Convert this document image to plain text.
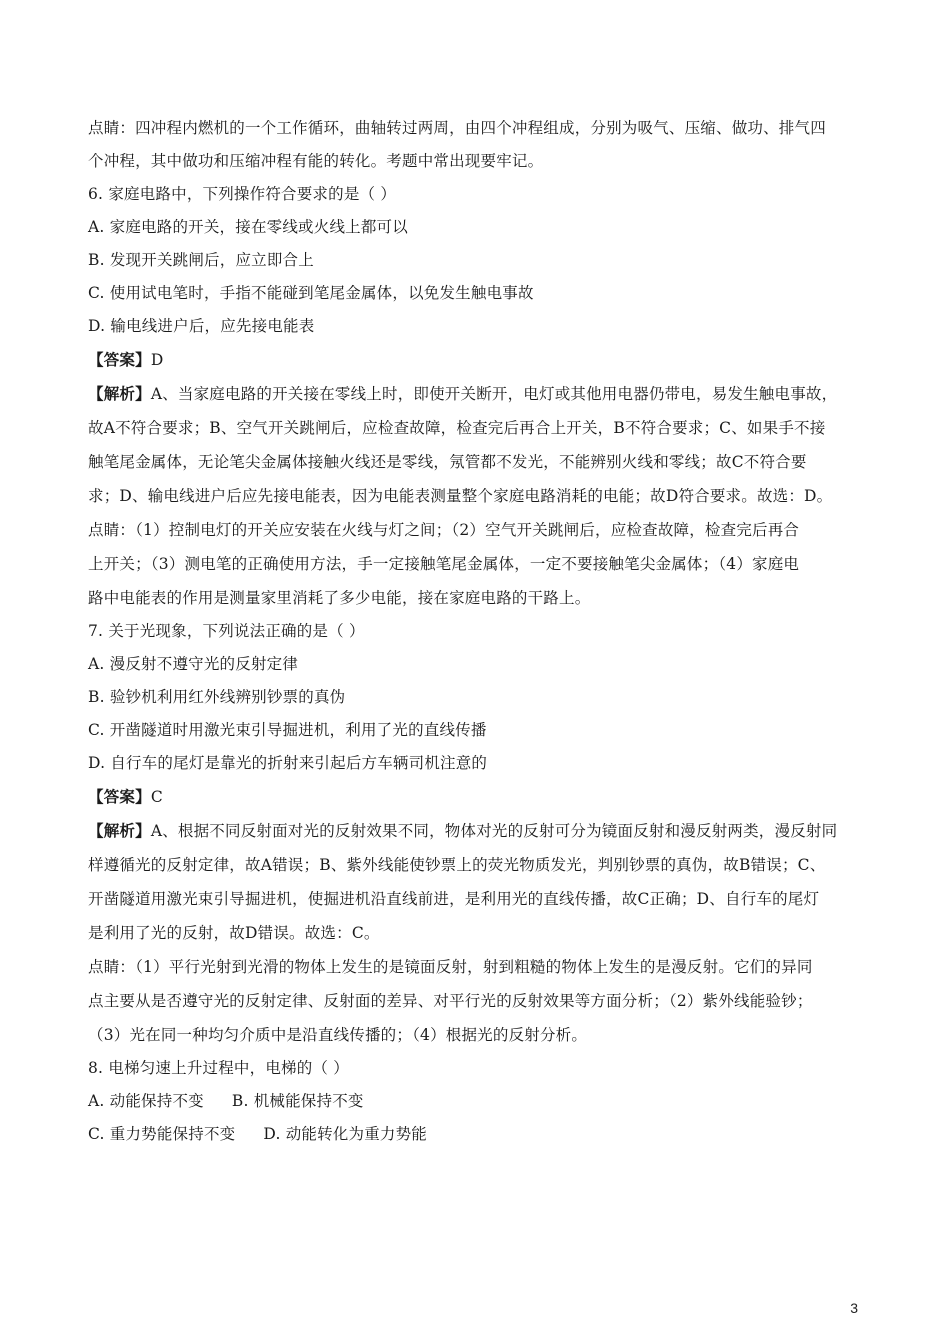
点睛：四冲程内燃机的一个工作循环，曲轴转过两周，由四个冲程组成，分别为吸气、压缩、做功、排气四
个冲程，其中做功和压缩冲程有能的转化。考题中常出现要牢记。
6. 家庭电路中，下列操作符合要求的是（ ）
A. 家庭电路的开关，接在零线或火线上都可以
B. 发现开关跳闸后，应立即合上
C. 使用试电笔时，手指不能碰到笔尾金属体，以免发生触电事故
D. 输电线进户后，应先接电能表
【答案】D
【解析】A、当家庭电路的开关接在零线上时，即使开关断开，电灯或其他用电器仍带电，易发生触电事故，
故A不符合要求；B、空气开关跳闸后，应检查故障，检查完后再合上开关，B不符合要求；C、如果手不接
触笔尾金属体，无论笔尖金属体接触火线还是零线，氖管都不发光，不能辨别火线和零线；故C不符合要
求；D、输电线进户后应先接电能表，因为电能表测量整个家庭电路消耗的电能；故D符合要求。故选：D。
点睛：（1）控制电灯的开关应安装在火线与灯之间；（2）空气开关跳闸后，应检查故障，检查完后再合
上开关；（3）测电笔的正确使用方法，手一定接触笔尾金属体，一定不要接触笔尖金属体；（4）家庭电
路中电能表的作用是测量家里消耗了多少电能，接在家庭电路的干路上。
7. 关于光现象，下列说法正确的是（ ）
A. 漫反射不遵守光的反射定律
B. 验钞机利用红外线辨别钞票的真伪
C. 开凿隧道时用激光束引导掘进机，利用了光的直线传播
D. 自行车的尾灯是靠光的折射来引起后方车辆司机注意的
【答案】C
【解析】A、根据不同反射面对光的反射效果不同，物体对光的反射可分为镜面反射和漫反射两类，漫反射同
样遵循光的反射定律，故A错误；B、紫外线能使钞票上的荧光物质发光，判别钞票的真伪，故B错误；C、
开凿隧道用激光束引导掘进机，使掘进机沿直线前进，是利用光的直线传播，故C正确；D、自行车的尾灯
是利用了光的反射，故D错误。故选：C。
点睛：（1）平行光射到光滑的物体上发生的是镜面反射，射到粗糙的物体上发生的是漫反射。它们的异同
点主要从是否遵守光的反射定律、反射面的差异、对平行光的反射效果等方面分析；（2）紫外线能验钞；
（3）光在同一种均匀介质中是沿直线传播的；（4）根据光的反射分析。
8. 电梯匀速上升过程中，电梯的（ ）
A. 动能保持不变 B. 机械能保持不变
C. 重力势能保持不变 D. 动能转化为重力势能
3
